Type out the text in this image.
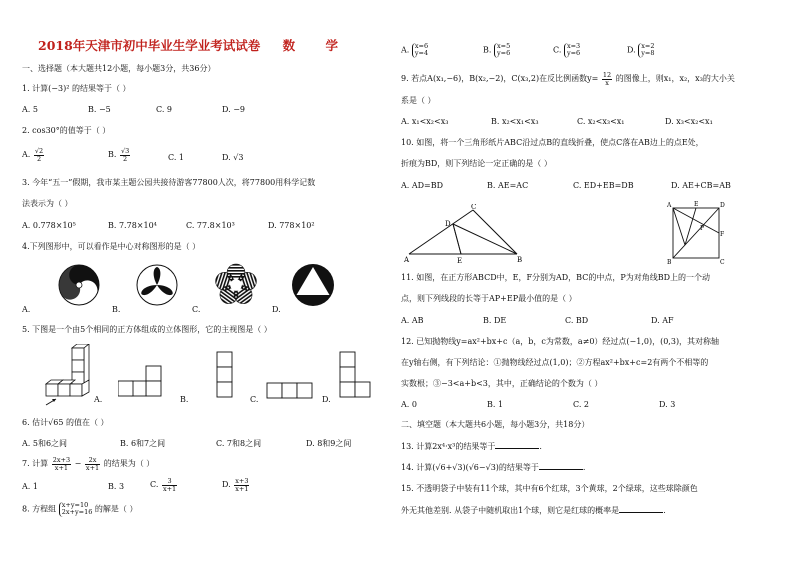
2018年天津市初中毕业生学业考试试卷 数 学
一、选择题（本大题共12小题，每小题3分，共36分）
1. 计算(−3)² 的结果等于（ ）
A. 5	B. −5	C. 9	D. −9
2. cos30°的值等于（ ）
A. $\frac{√2}{2}$	B. $\frac{√3}{2}$	C. 1	D. √3
3. 今年“五一”假期，我市某主题公园共接待游客77800人次，将77800用科学记数
法表示为（ ）
A. 0.778×10⁵	B. 7.78×10⁴	C. 77.8×10³	D. 778×10²
4.下列图形中，可以看作是中心对称图形的是（ ）
A.	B.	C.	D.
5. 下图是一个由5个相同的正方体组成的立体图形，它的主视图是（ ）
A.	B.	C.	D.
6. 估计√65 的值在（ ）
A. 5和6之间	B. 6和7之间	C. 7和8之间	D. 8和9之间
7. 计算 $\frac{2x+3}{x+1} - \frac{2x}{x+1}$ 的结果为（ ）
A. 1	B. 3	C. $\frac{3}{x+1}$	D. $\frac{x+3}{x+1}$
8. 方程组 x+y=10
2x+y=16 的解是（ ）
A. x=6
y=4	B. x=5
y=6	C. x=3
y=6	D. x=2
y=8
9. 若点A(x₁,−6)，B(x₂,−2)，C(x₃,2)在反比例函数$y= \frac{12}{x}$ 的图像上，则x₁，x₂，x₃的大小关
系是（ ）
A. x₁<x₂<x₃	B. x₂<x₁<x₃	C. x₂<x₃<x₁	D. x₃<x₂<x₁
10. 如图，将一个三角形纸片ABC沿过点B的直线折叠，使点C落在AB边上的点E处，
折痕为BD，则下列结论一定正确的是（ ）
A. AD=BD	B. AE=AC	C. ED+EB=DB	D. AE+CB=AB
A	B
C
D
E
A
B	C
D
E
F
P
11. 如图，在正方形ABCD中，E，F分别为AD，BC的中点，P为对角线BD上的一个动
点，则下列线段的长等于AP+EP最小值的是（ ）
A. AB	B. DE	C. BD	D. AF
12. 已知抛物线y=ax²+bx+c（a，b，c为常数，a≠0）经过点(−1,0)，(0,3)，其对称轴
在y轴右侧，有下列结论：①抛物线经过点(1,0)；②方程ax²+bx+c=2有两个不相等的
实数根；③−3<a+b<3，其中，正确结论的个数为（ ）
A. 0	B. 1	C. 2	D. 3
二、填空题（本大题共6小题，每小题3分，共18分）
13. 计算2x⁴·x³的结果等于	.
14. 计算(√6+√3)(√6−√3)的结果等于	.
15. 不透明袋子中装有11个球，其中有6个红球，3个黄球，2个绿球，这些球除颜色
外无其他差别. 从袋子中随机取出1个球，则它是红球的概率是	.
